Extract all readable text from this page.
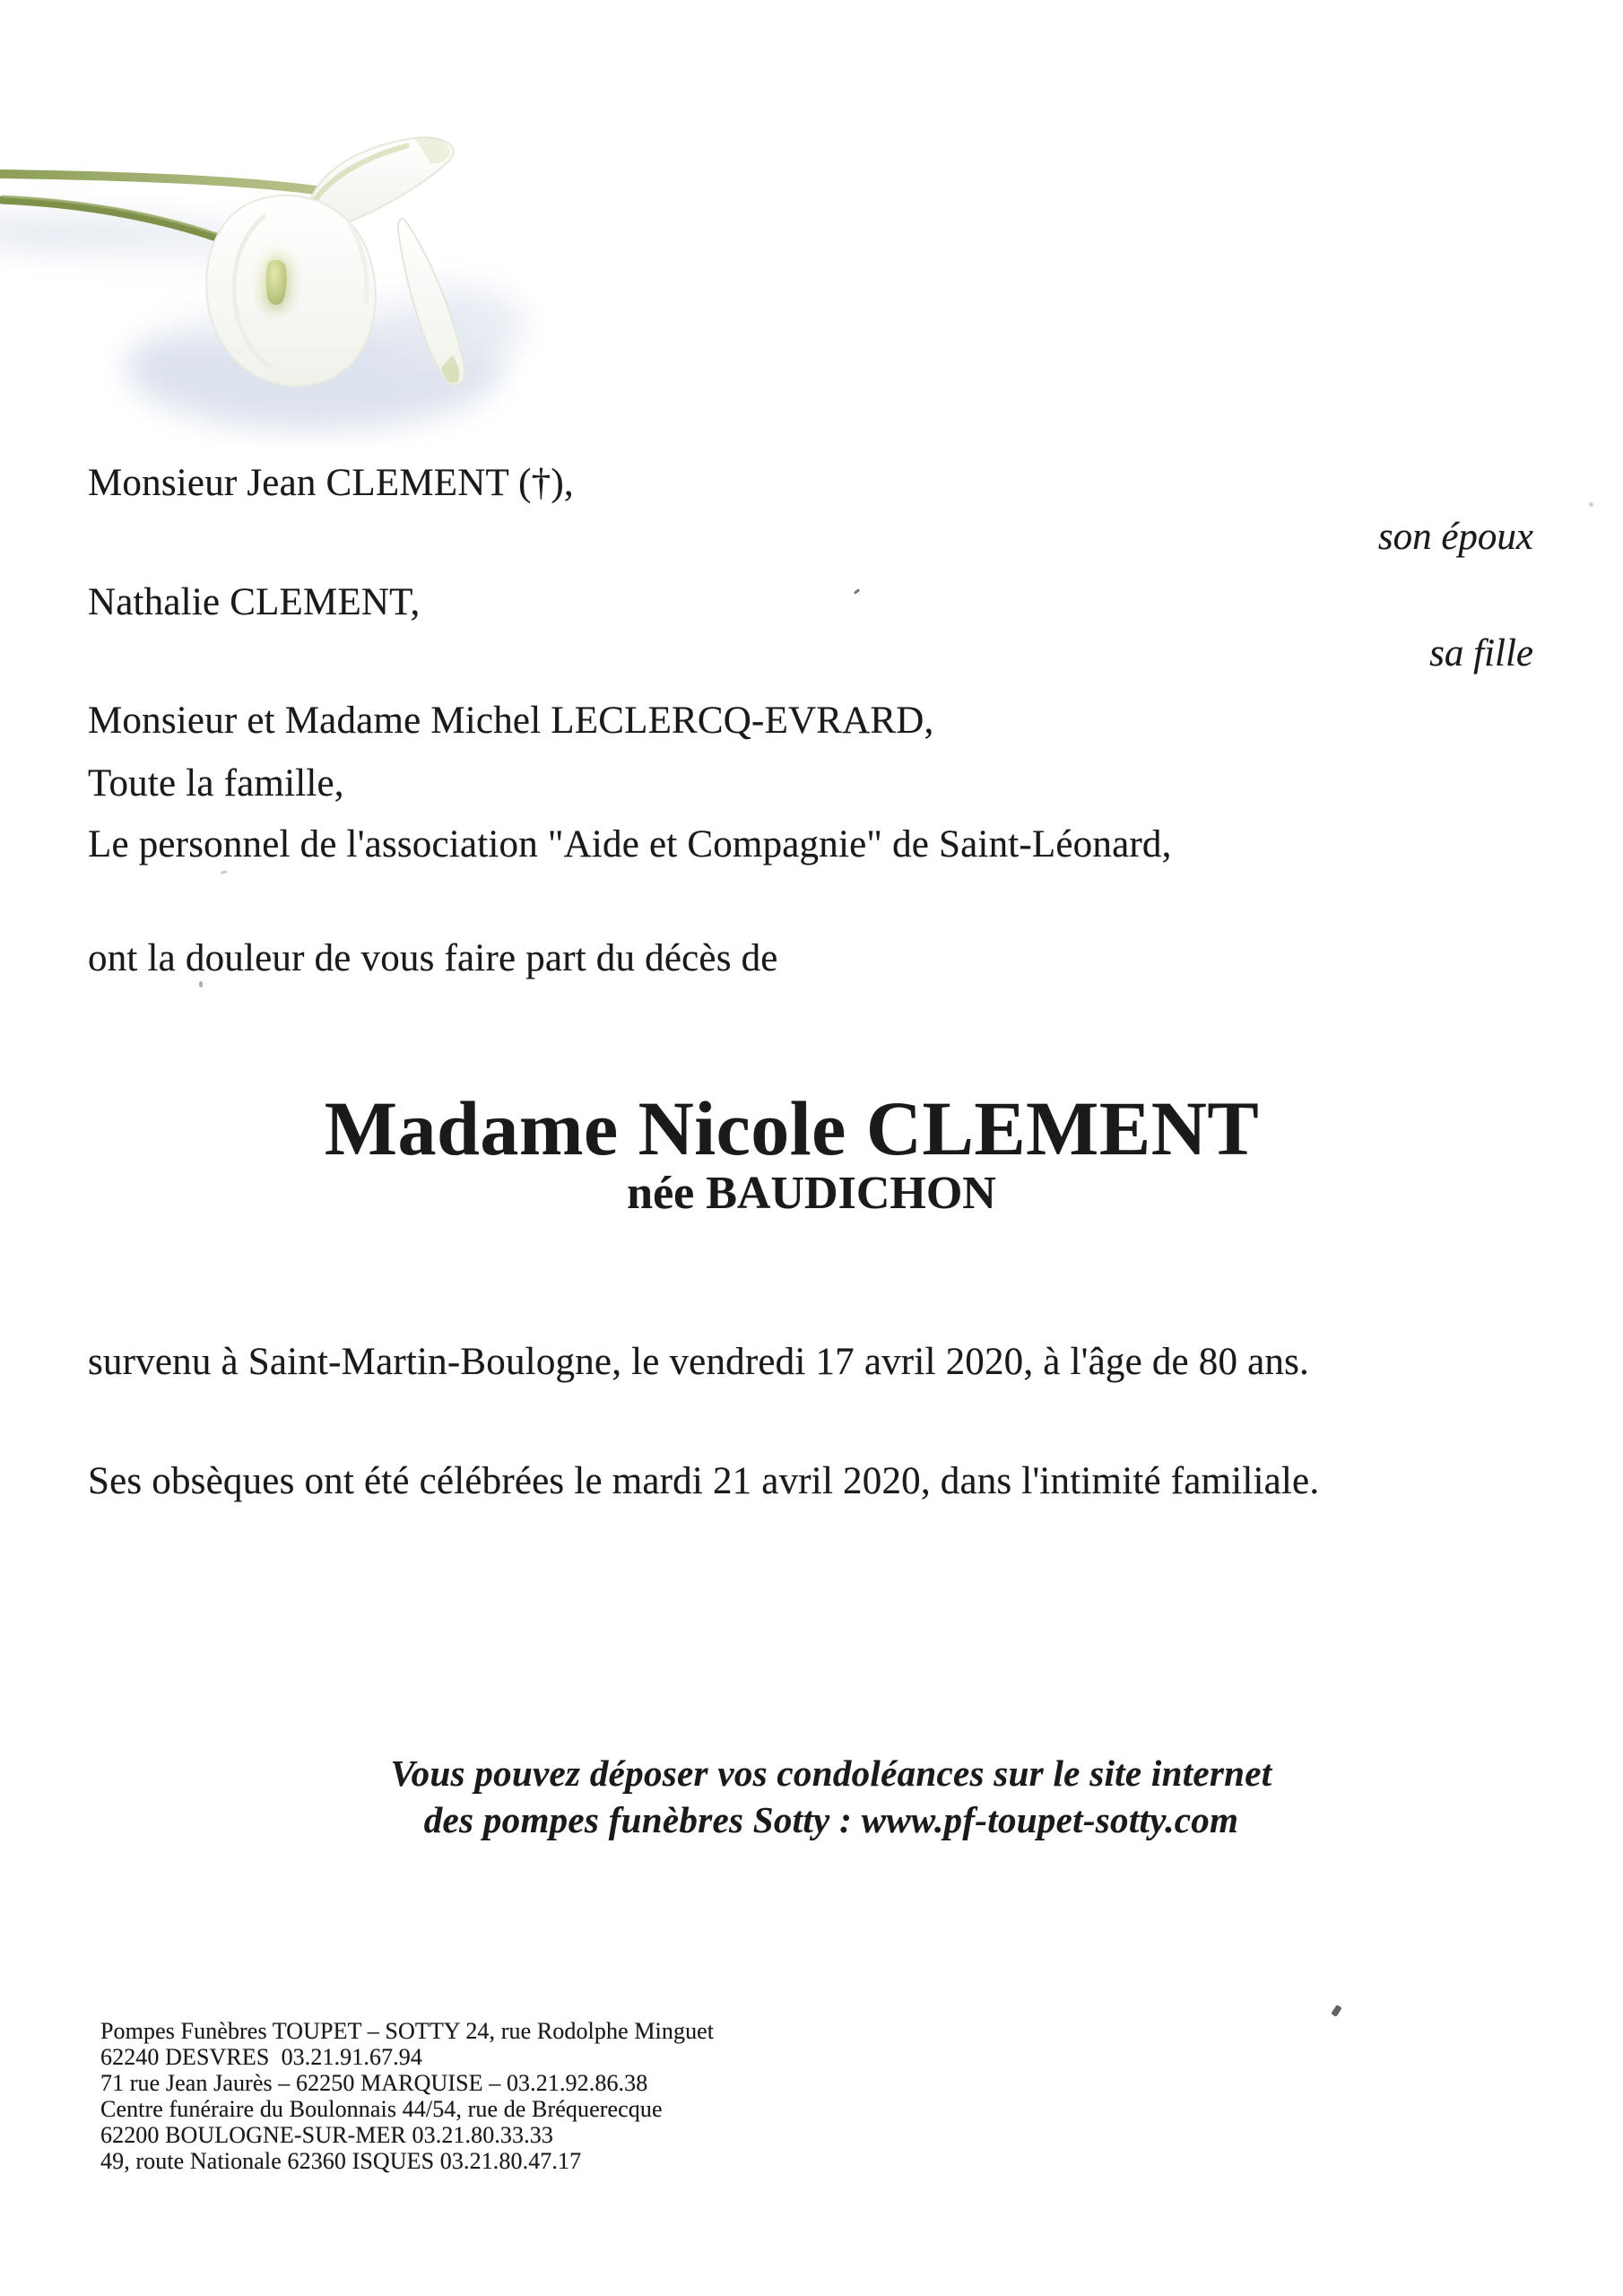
Monsieur Jean CLEMENT (†),
son époux
Nathalie CLEMENT,
sa fille
Monsieur et Madame Michel LECLERCQ-EVRARD,
Toute la famille,
Le personnel de l'association "Aide et Compagnie" de Saint-Léonard,
ont la douleur de vous faire part du décès de
Madame Nicole CLEMENT
née BAUDICHON
survenu à Saint-Martin-Boulogne, le vendredi 17 avril 2020, à l'âge de 80 ans.
Ses obsèques ont été célébrées le mardi 21 avril 2020, dans l'intimité familiale.
Vous pouvez déposer vos condoléances sur le site internet
des pompes funèbres Sotty : www.pf-toupet-sotty.com
Pompes Funèbres TOUPET – SOTTY 24, rue Rodolphe Minguet
62240 DESVRES  03.21.91.67.94
71 rue Jean Jaurès – 62250 MARQUISE – 03.21.92.86.38
Centre funéraire du Boulonnais 44/54, rue de Bréquerecque
62200 BOULOGNE-SUR-MER 03.21.80.33.33
49, route Nationale 62360 ISQUES 03.21.80.47.17
